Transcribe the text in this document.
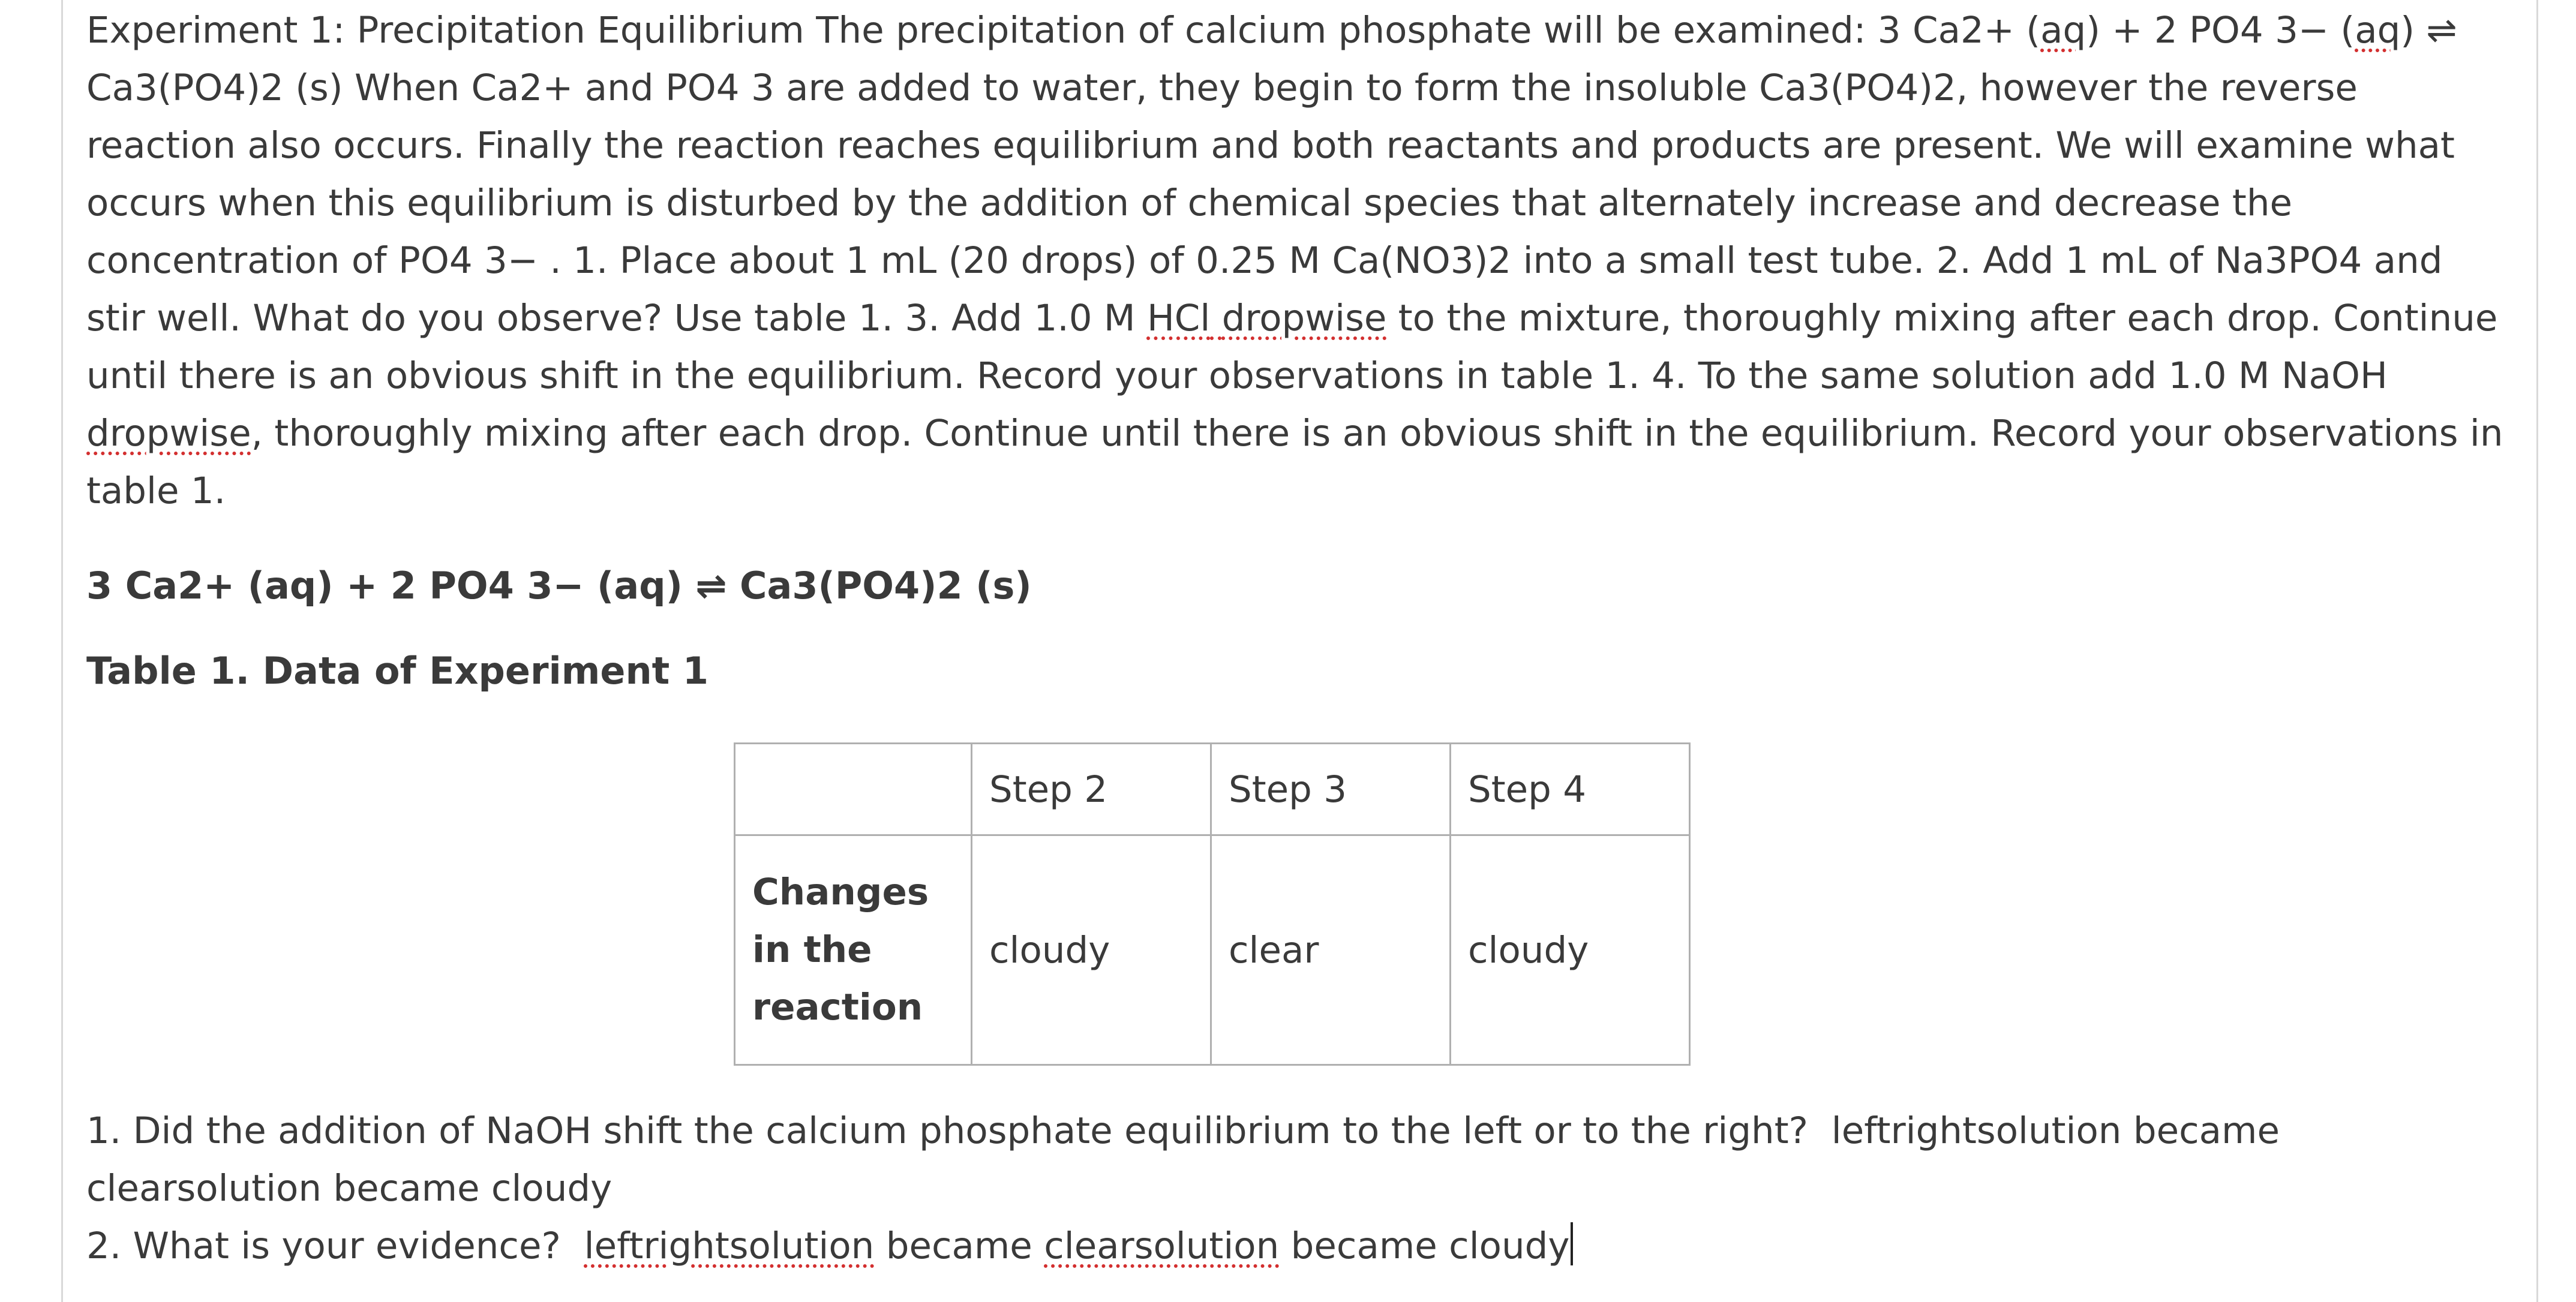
Experiment 1: Precipitation Equilibrium The precipitation of calcium phosphate will be examined: 3 Ca2+ (aq) + 2 PO4 3− (aq) ⇌ Ca3(PO4)2 (s) When Ca2+ and PO4 3 are added to water, they begin to form the insoluble Ca3(PO4)2, however the reverse reaction also occurs. Finally the reaction reaches equilibrium and both reactants and products are present. We will examine what occurs when this equilibrium is disturbed by the addition of chemical species that alternately increase and decrease the concentration of PO4 3− . 1. Place about 1 mL (20 drops) of 0.25 M Ca(NO3)2 into a small test tube. 2. Add 1 mL of Na3PO4 and stir well. What do you observe? Use table 1. 3. Add 1.0 M HCl dropwise to the mixture, thoroughly mixing after each drop. Continue until there is an obvious shift in the equilibrium. Record your observations in table 1. 4. To the same solution add 1.0 M NaOH dropwise, thoroughly mixing after each drop. Continue until there is an obvious shift in the equilibrium. Record your observations in table 1.

3 Ca2+ (aq) + 2 PO4 3− (aq) ⇌ Ca3(PO4)2 (s)

Table 1. Data of Experiment 1

	Step 2	Step 3	Step 4
Changes in the reaction	cloudy	clear	cloudy

1. Did the addition of NaOH shift the calcium phosphate equilibrium to the left or to the right?  leftrightsolution became clearsolution became cloudy

2. What is your evidence?  leftrightsolution became clearsolution became cloudy
